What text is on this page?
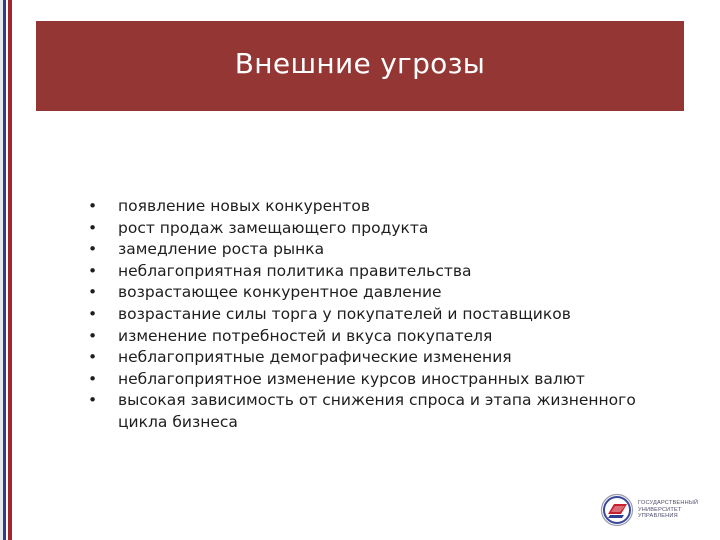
Внешние угрозы
• появление новых конкурентов
• рост продаж замещающего продукта
• замедление роста рынка
• неблагоприятная политика правительства
• возрастающее конкурентное давление
• возрастание силы торга у покупателей и поставщиков
• изменение потребностей и вкуса покупателя
• неблагоприятные демографические изменения
• неблагоприятное изменение курсов иностранных валют
• высокая зависимость от снижения спроса и этапа жизненного цикла бизнеса
ГОСУДАРСТВЕННЫЙ
УНИВЕРСИТЕТ
УПРАВЛЕНИЯ
